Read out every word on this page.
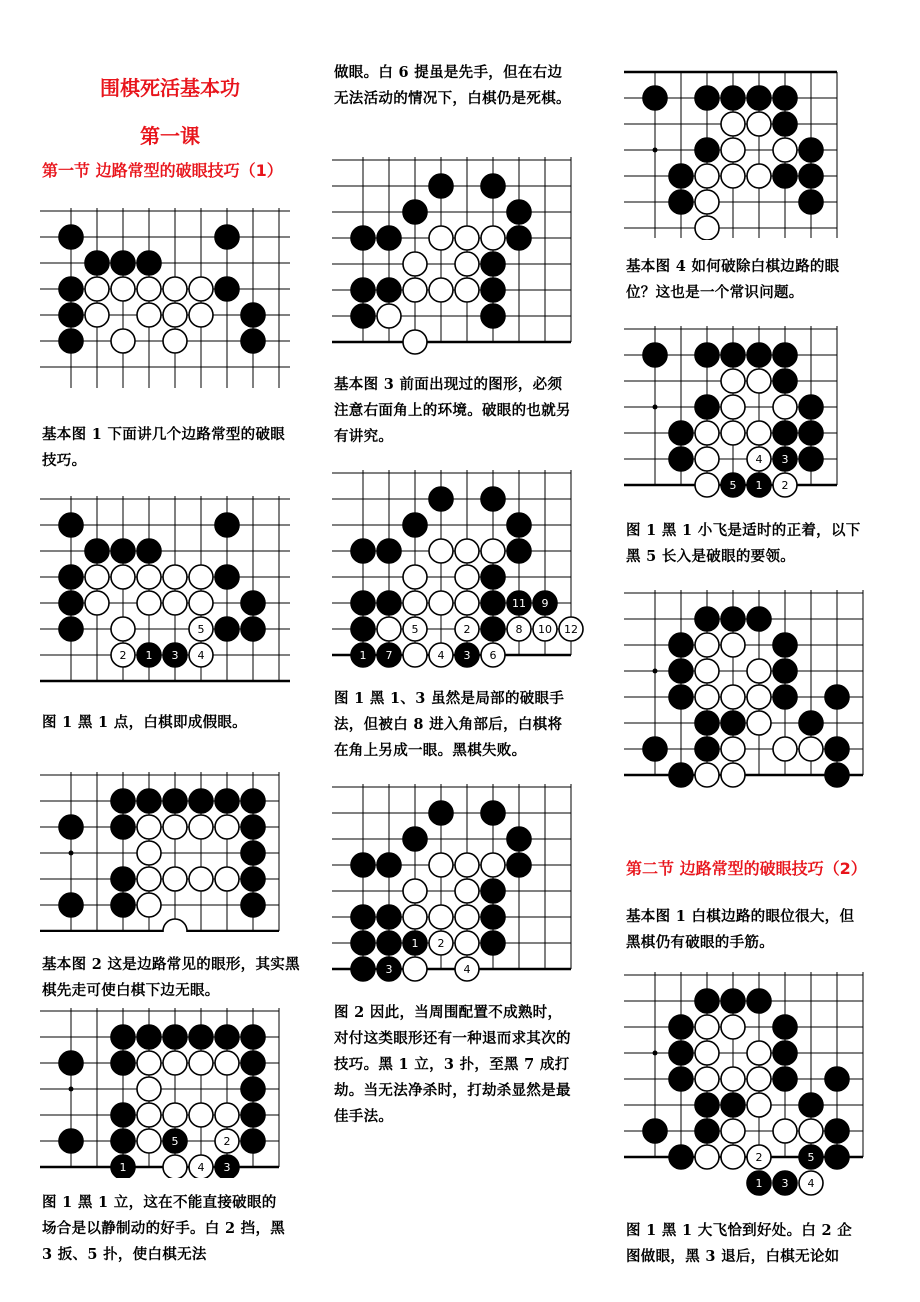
围棋死活基本功
第一课
第一节 边路常型的破眼技巧（1）
基本图 1 下面讲几个边路常型的破眼技巧。
5
2 1 3 4
图 1 黑 1 点，白棋即成假眼。
基本图 2 这是边路常见的眼形，其实黑棋先走可使白棋下边无眼。
5	2
1	4 3
图 1 黑 1 立，这在不能直接破眼的场合是以静制动的好手。白 2 挡，黑 3 扳、5 扑，使白棋无法
做眼。白 6 提虽是先手，但在右边无法活动的情况下，白棋仍是死棋。
基本图 3 前面出现过的图形，必须注意右面角上的环境。破眼的也就另有讲究。
11 9
5	2	8 10 12
1 7	4 3 6
图 1 黑 1、3 虽然是局部的破眼手法，但被白 8 进入角部后，白棋将在角上另成一眼。黑棋失败。
1 2
3	4
图 2 因此，当周围配置不成熟时，对付这类眼形还有一种退而求其次的技巧。黑 1 立，3 扑，至黑 7 成打劫。当无法净杀时，打劫杀显然是最佳手法。
基本图 4 如何破除白棋边路的眼位？这也是一个常识问题。
4 3
5 1 2
图 1 黑 1 小飞是适时的正着，以下黑 5 长入是破眼的要领。
第二节 边路常型的破眼技巧（2）
基本图 1 白棋边路的眼位很大，但黑棋仍有破眼的手筋。
2	5
1 3 4
图 1 黑 1 大飞恰到好处。白 2 企图做眼，黑 3 退后，白棋无论如
